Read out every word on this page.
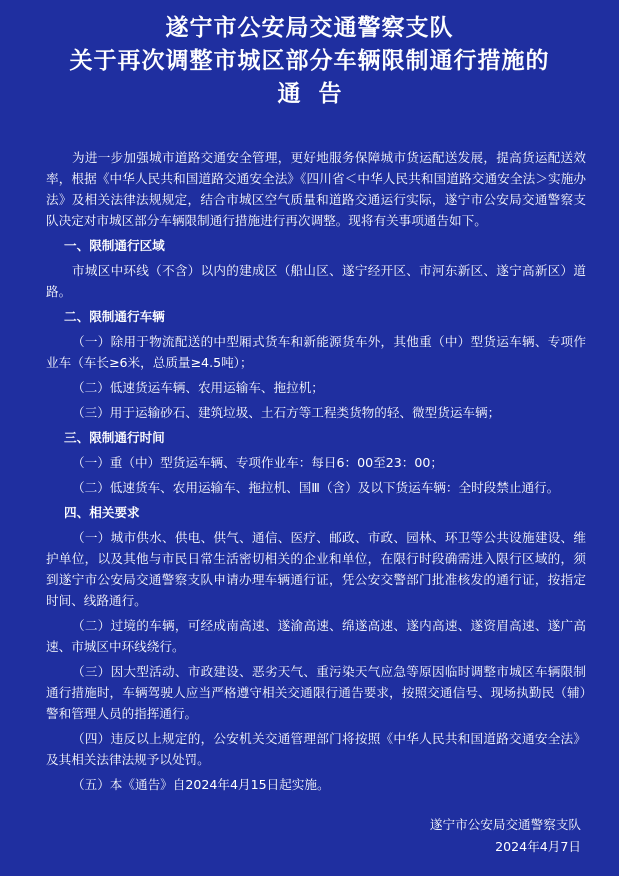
遂宁市公安局交通警察支队
关于再次调整市城区部分车辆限制通行措施的
通告

为进一步加强城市道路交通安全管理，更好地服务保障城市货运配送发展，提高货运配送效率，根据《中华人民共和国道路交通安全法》《四川省＜中华人民共和国道路交通安全法＞实施办法》及相关法律法规规定，结合市城区空气质量和道路交通运行实际，遂宁市公安局交通警察支队决定对市城区部分车辆限制通行措施进行再次调整。现将有关事项通告如下。

一、限制通行区域

市城区中环线（不含）以内的建成区（船山区、遂宁经开区、市河东新区、遂宁高新区）道路。

二、限制通行车辆

（一）除用于物流配送的中型厢式货车和新能源货车外，其他重（中）型货运车辆、专项作业车（车长≥6米，总质量≥4.5吨）；

（二）低速货运车辆、农用运输车、拖拉机；

（三）用于运输砂石、建筑垃圾、土石方等工程类货物的轻、微型货运车辆；

三、限制通行时间

（一）重（中）型货运车辆、专项作业车：每日6：00至23：00；

（二）低速货车、农用运输车、拖拉机、国Ⅲ（含）及以下货运车辆：全时段禁止通行。

四、相关要求

（一）城市供水、供电、供气、通信、医疗、邮政、市政、园林、环卫等公共设施建设、维护单位，以及其他与市民日常生活密切相关的企业和单位，在限行时段确需进入限行区域的，须到遂宁市公安局交通警察支队申请办理车辆通行证，凭公安交警部门批准核发的通行证，按指定时间、线路通行。

（二）过境的车辆，可经成南高速、遂渝高速、绵遂高速、遂内高速、遂资眉高速、遂广高速、市城区中环线绕行。

（三）因大型活动、市政建设、恶劣天气、重污染天气应急等原因临时调整市城区车辆限制通行措施时，车辆驾驶人应当严格遵守相关交通限行通告要求，按照交通信号、现场执勤民（辅）警和管理人员的指挥通行。

（四）违反以上规定的，公安机关交通管理部门将按照《中华人民共和国道路交通安全法》及其相关法律法规予以处罚。

（五）本《通告》自2024年4月15日起实施。

遂宁市公安局交通警察支队
2024年4月7日
